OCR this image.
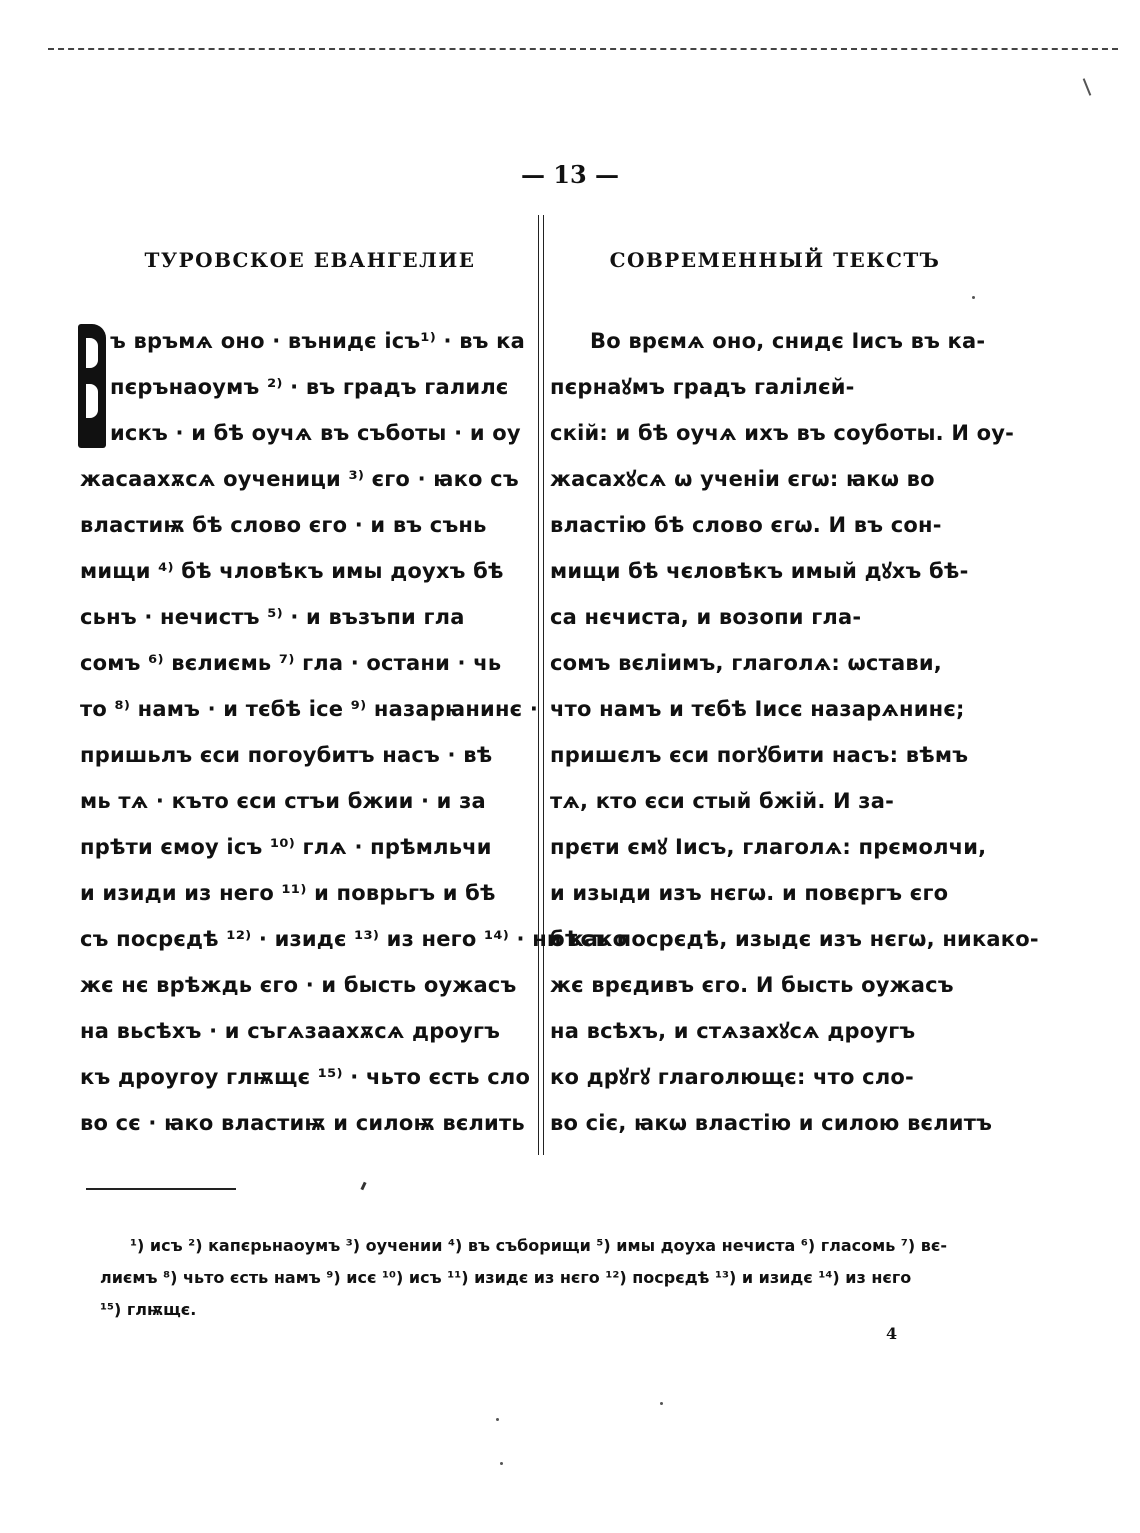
— 13 —
ТУРОВСКОЕ ЕВАНГЕЛИЕ	СОВРЕМЕННЫЙ ТЕКСТЪ
ъ връмѧ оно · вънидє ісъ¹⁾ · въ ка
пєрънаоумъ ²⁾ · въ градъ галилє
искъ · и бѣ оучѧ въ съботы · и оу
жасаахѫсѧ оученици ³⁾ єго · ꙗко съ
властиѭ бѣ слово єго · и въ сънь
мищи ⁴⁾ бѣ чловѣкъ имы доухъ бѣ
сьнъ · нечистъ ⁵⁾ · и възъпи гла
сомъ ⁶⁾ вєлиємь ⁷⁾ гла · остани · чь
то ⁸⁾ намъ · и тєбѣ ісе ⁹⁾ назарꙗнинє ·
пришьлъ єси погоубитъ насъ · вѣ
мь тѧ · къто єси стъи бжии · и за
прѣти ємоу ісъ ¹⁰⁾ глѧ · прѣмльчи
и изиди из него ¹¹⁾ и поврьгъ и бѣ
съ посрєдѣ ¹²⁾ · изидє ¹³⁾ из него ¹⁴⁾ · ни како
жє нє врѣждь єго · и бысть оужасъ
на вьсѣхъ · и съгѧзаахѫсѧ дроугъ
къ дроугоу глѭщє ¹⁵⁾ · чьто єсть сло
во сє · ꙗко властиѭ и силоѭ вєлить
Во врємѧ оно, снидє Іисъ въ ка-
пєрнаꙋмъ градъ галілєй-
скій: и бѣ оучѧ ихъ въ соуботы. И оу-
жасахꙋсѧ ѡ ученіи єгѡ: ꙗкѡ во
властію бѣ слово єгѡ. И въ сон-
мищи бѣ чєловѣкъ имый дꙋхъ бѣ-
са нєчиста, и возопи гла-
сомъ вєліимъ, глаголѧ: ѡстави,
что намъ и тєбѣ Іисє назарѧнинє;
пришєлъ єси погꙋбити насъ: вѣмъ
тѧ, кто єси стый бжій. И за-
прєти ємꙋ Іисъ, глаголѧ: прємолчи,
и изыди изъ нєгѡ. и повєргъ єго
бѣсъ посрєдѣ, изыдє изъ нєгѡ, никако-
жє врєдивъ єго. И бысть оужасъ
на всѣхъ, и стѧзахꙋсѧ дроугъ
ко дрꙋгꙋ глаголющє: что сло-
во сіє, ꙗкѡ властію и силою вєлитъ
¹) исъ ²) капєрьнаоумъ ³) оучении ⁴) въ съборищи ⁵) имы доуха нечиста ⁶) гласомь ⁷) вє-
лиємъ ⁸) чьто єсть намъ ⁹) исє ¹⁰) исъ ¹¹) изидє из нєго ¹²) посрєдѣ ¹³) и изидє ¹⁴) из нєго
¹⁵) глѭщє.
4
